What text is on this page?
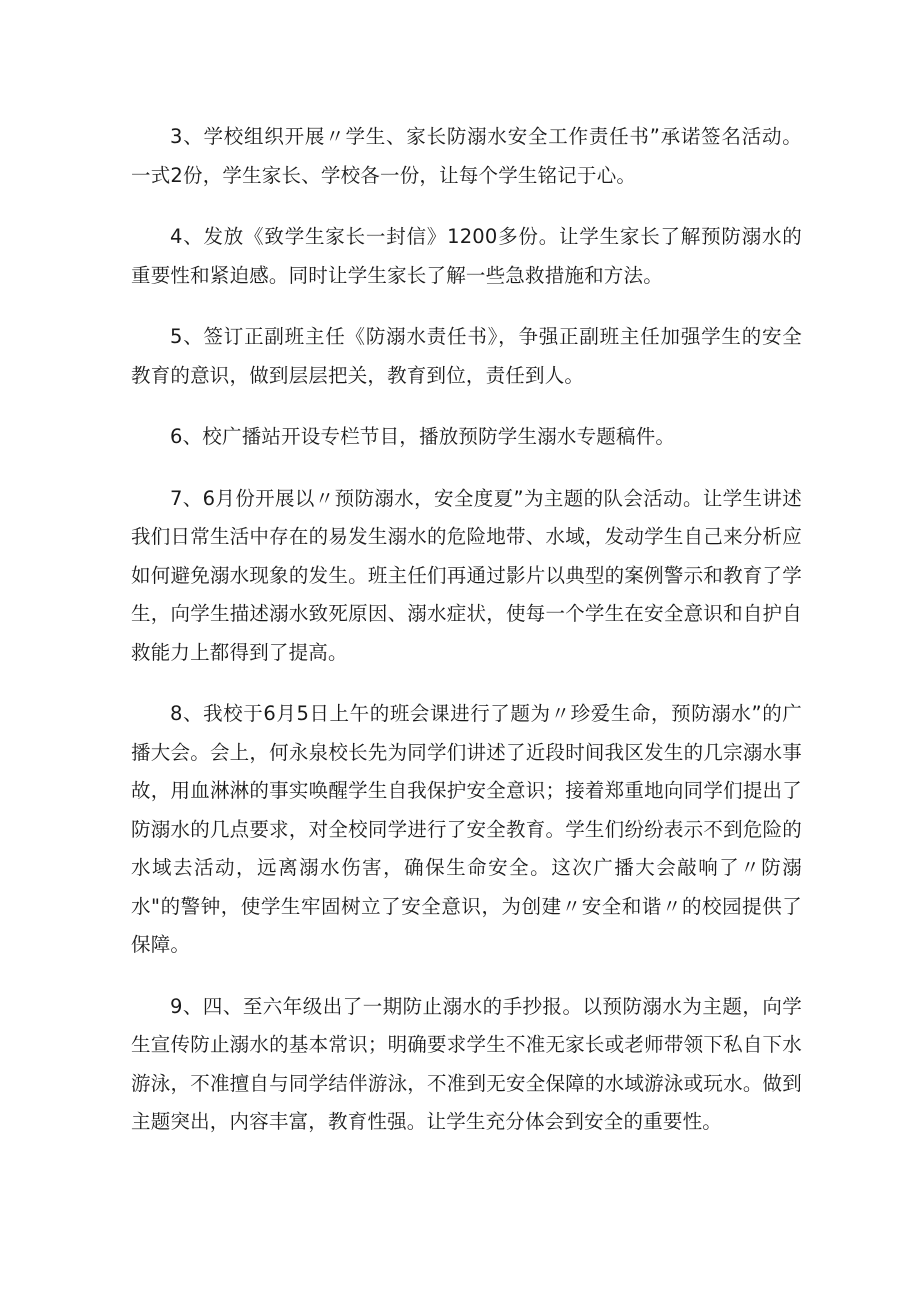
3、学校组织开展〃学生、家长防溺水安全工作责任书”承诺签名活动。一式2份，学生家长、学校各一份，让每个学生铭记于心。

4、发放《致学生家长一封信》1200多份。让学生家长了解预防溺水的重要性和紧迫感。同时让学生家长了解一些急救措施和方法。

5、签订正副班主任《防溺水责任书》，争强正副班主任加强学生的安全教育的意识，做到层层把关，教育到位，责任到人。

6、校广播站开设专栏节目，播放预防学生溺水专题稿件。

7、6月份开展以〃预防溺水，安全度夏”为主题的队会活动。让学生讲述我们日常生活中存在的易发生溺水的危险地带、水域，发动学生自己来分析应如何避免溺水现象的发生。班主任们再通过影片以典型的案例警示和教育了学生，向学生描述溺水致死原因、溺水症状，使每一个学生在安全意识和自护自救能力上都得到了提高。

8、我校于6月5日上午的班会课进行了题为〃珍爱生命，预防溺水”的广播大会。会上，何永泉校长先为同学们讲述了近段时间我区发生的几宗溺水事故，用血淋淋的事实唤醒学生自我保护安全意识；接着郑重地向同学们提出了防溺水的几点要求，对全校同学进行了安全教育。学生们纷纷表示不到危险的水域去活动，远离溺水伤害，确保生命安全。这次广播大会敲响了〃防溺水"的警钟，使学生牢固树立了安全意识，为创建〃安全和谐〃的校园提供了保障。

9、四、至六年级出了一期防止溺水的手抄报。以预防溺水为主题，向学生宣传防止溺水的基本常识；明确要求学生不准无家长或老师带领下私自下水游泳，不准擅自与同学结伴游泳，不准到无安全保障的水域游泳或玩水。做到主题突出，内容丰富，教育性强。让学生充分体会到安全的重要性。
